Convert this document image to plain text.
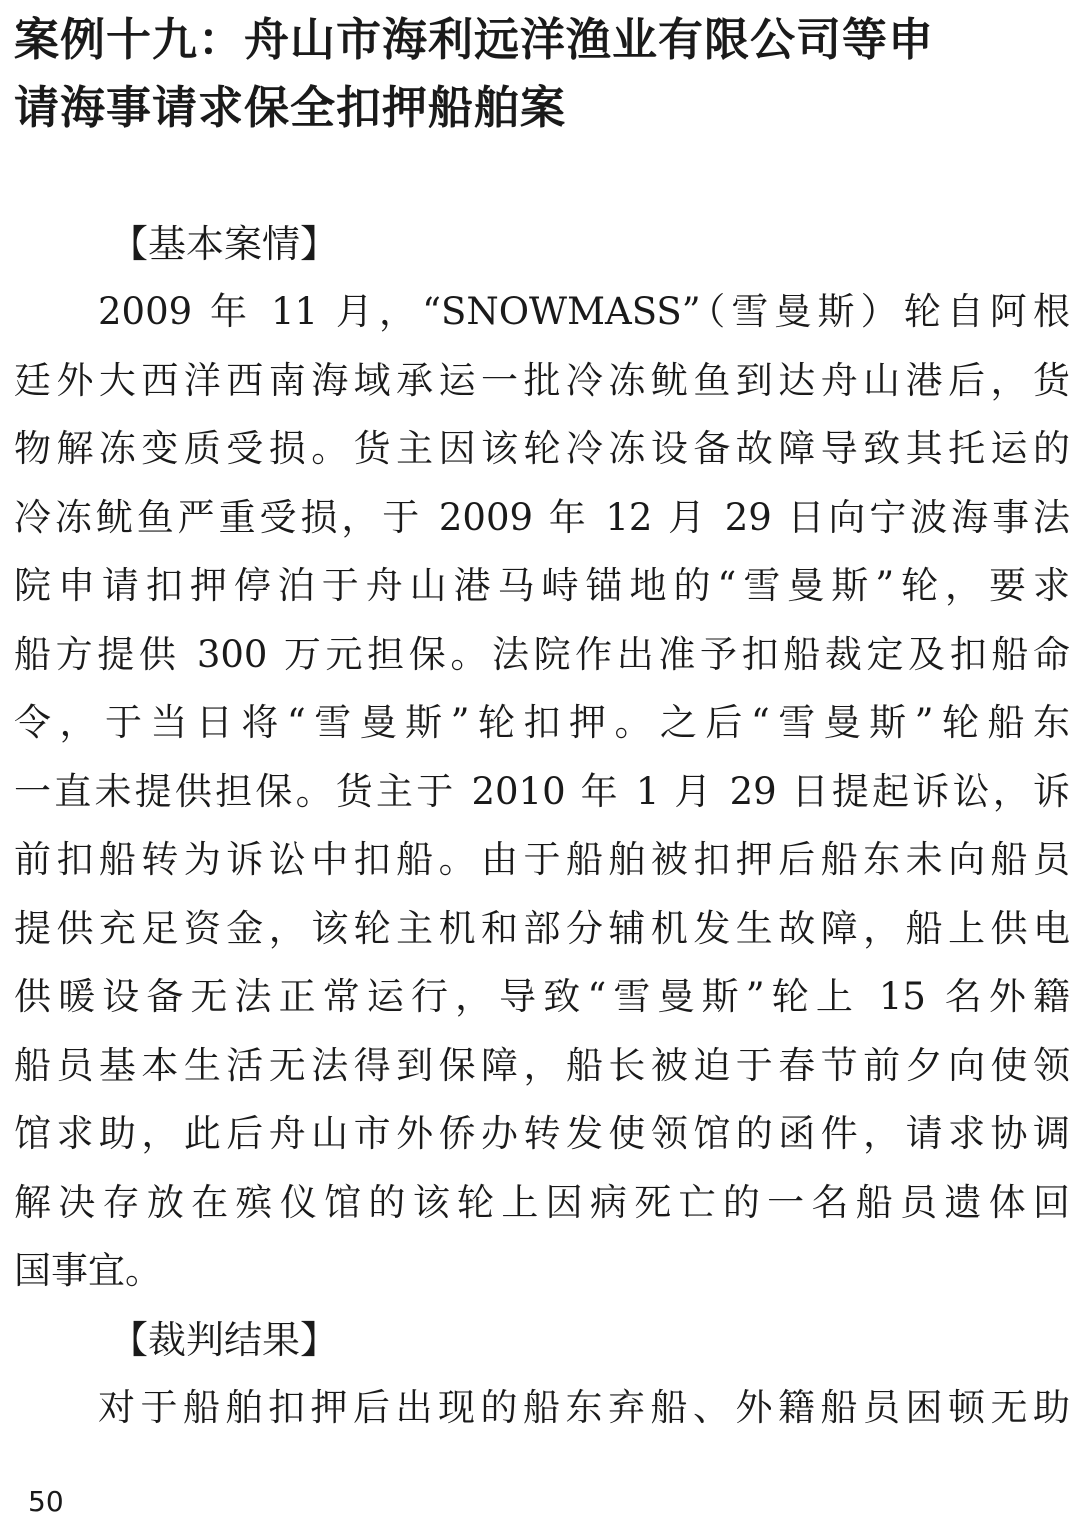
案例十九：舟山市海利远洋渔业有限公司等申
请海事请求保全扣押船舶案
【基本案情】
2009 年 11 月，“SNOWMASS”（雪曼斯）轮自阿根
廷外大西洋西南海域承运一批冷冻鱿鱼到达舟山港后，货
物解冻变质受损。货主因该轮冷冻设备故障导致其托运的
冷冻鱿鱼严重受损，于 2009 年 12 月 29 日向宁波海事法
院申请扣押停泊于舟山港马峙锚地的“雪曼斯”轮，要求
船方提供 300 万元担保。法院作出准予扣船裁定及扣船命
令，于当日将“雪曼斯”轮扣押。之后“雪曼斯”轮船东
一直未提供担保。货主于 2010 年 1 月 29 日提起诉讼，诉
前扣船转为诉讼中扣船。由于船舶被扣押后船东未向船员
提供充足资金，该轮主机和部分辅机发生故障，船上供电
供暖设备无法正常运行，导致“雪曼斯”轮上 15 名外籍
船员基本生活无法得到保障，船长被迫于春节前夕向使领
馆求助，此后舟山市外侨办转发使领馆的函件，请求协调
解决存放在殡仪馆的该轮上因病死亡的一名船员遗体回
国事宜。
【裁判结果】
对于船舶扣押后出现的船东弃船、外籍船员困顿无助
50
